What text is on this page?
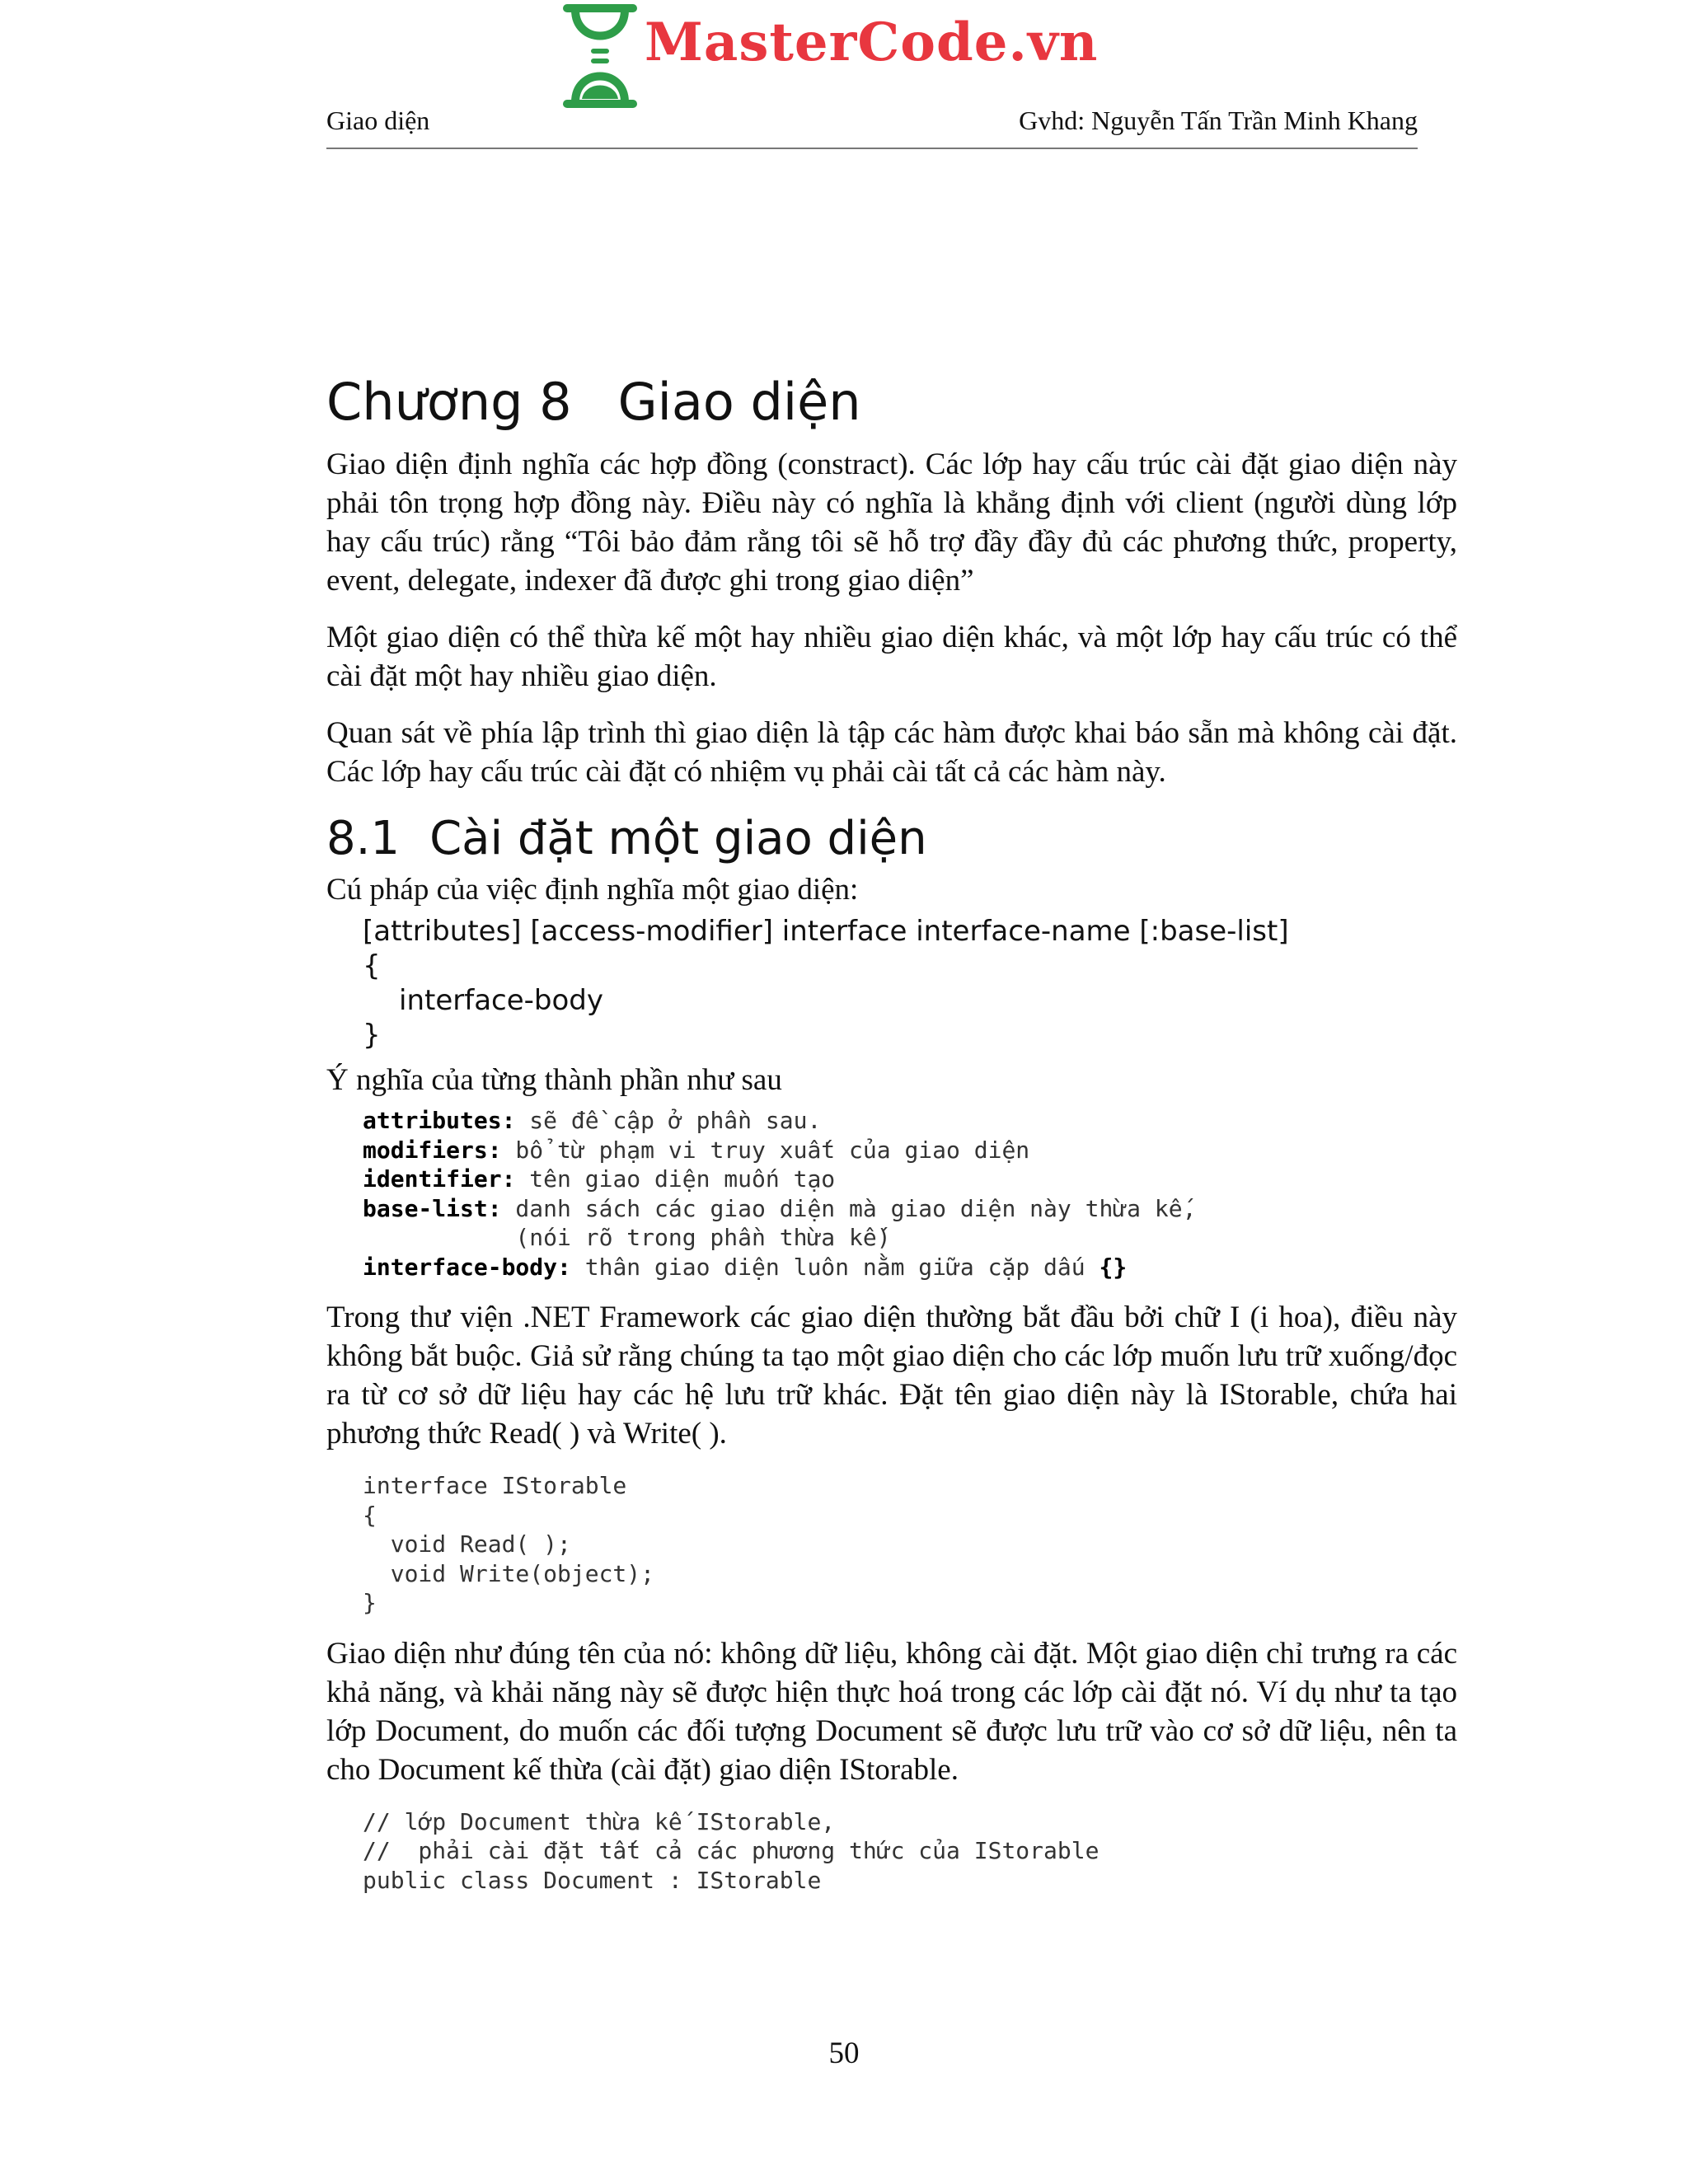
MasterCode.vn
Giao diện	Gvhd: Nguyễn Tấn Trần Minh Khang
Chương 8 Giao diện

Giao diện định nghĩa các hợp đồng (constract). Các lớp hay cấu trúc cài đặt giao diện này phải tôn trọng hợp đồng này. Điều này có nghĩa là khẳng định với client (người dùng lớp hay cấu trúc) rằng “Tôi bảo đảm rằng tôi sẽ hỗ trợ đầy đầy đủ các phương thức, property, event, delegate, indexer đã được ghi trong giao diện”

Một giao diện có thể thừa kế một hay nhiều giao diện khác, và một lớp hay cấu trúc có thể cài đặt một hay nhiều giao diện.

Quan sát về phía lập trình thì giao diện là tập các hàm được khai báo sẵn mà không cài đặt. Các lớp hay cấu trúc cài đặt có nhiệm vụ phải cài tất cả các hàm này.

8.1 Cài đặt một giao diện

Cú pháp của việc định nghĩa một giao diện:

[attributes] [access-modifier] interface interface-name [:base-list]
{
interface-body
}

Ý nghĩa của từng thành phần như sau

attributes: sẽ đề cập ở phần sau.
modifiers: bổ từ phạm vi truy xuất của giao diện
identifier: tên giao diện muốn tạo
base-list: danh sách các giao diện mà giao diện này thừa kế,
(nói rõ trong phần thừa kế)
interface-body: thân giao diện luôn nằm giữa cặp dấu {}

Trong thư viện .NET Framework các giao diện thường bắt đầu bởi chữ I (i hoa), điều này không bắt buộc. Giả sử rằng chúng ta tạo một giao diện cho các lớp muốn lưu trữ xuống/đọc ra từ cơ sở dữ liệu hay các hệ lưu trữ khác. Đặt tên giao diện này là IStorable, chứa hai phương thức Read( ) và Write( ).

interface IStorable
{
void Read( );
void Write(object);
}

Giao diện như đúng tên của nó: không dữ liệu, không cài đặt. Một giao diện chỉ trưng ra các khả năng, và khải năng này sẽ được hiện thực hoá trong các lớp cài đặt nó. Ví dụ như ta tạo lớp Document, do muốn các đối tượng Document sẽ được lưu trữ vào cơ sở dữ liệu, nên ta cho Document kế thừa (cài đặt) giao diện IStorable.

// lớp Document thừa kế IStorable,
//  phải cài đặt tất cả các phương thức của IStorable
public class Document : IStorable
50
